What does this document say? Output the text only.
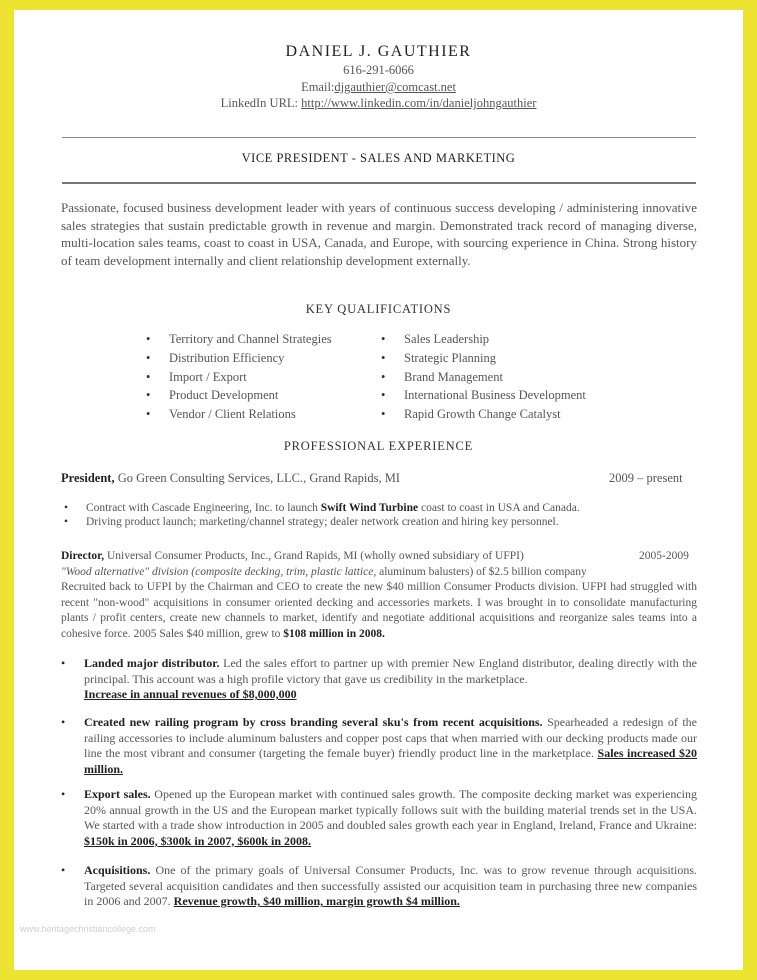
DANIEL J. GAUTHIER
616-291-6066
Email:djgauthier@comcast.net
LinkedIn URL: http://www.linkedin.com/in/danieljohngauthier
VICE PRESIDENT - SALES AND MARKETING
Passionate, focused business development leader with years of continuous success developing / administering innovative sales strategies that sustain predictable growth in revenue and margin. Demonstrated track record of managing diverse, multi-location sales teams, coast to coast in USA, Canada, and Europe, with sourcing experience in China. Strong history of team development internally and client relationship development externally.
KEY QUALIFICATIONS
• Territory and Channel Strategies
• Distribution Efficiency
• Import / Export
• Product Development
• Vendor / Client Relations
• Sales Leadership
• Strategic Planning
• Brand Management
• International Business Development
• Rapid Growth Change Catalyst
PROFESSIONAL EXPERIENCE
President, Go Green Consulting Services, LLC., Grand Rapids, MI	2009 – present
• Contract with Cascade Engineering, Inc. to launch Swift Wind Turbine coast to coast in USA and Canada.
• Driving product launch; marketing/channel strategy; dealer network creation and hiring key personnel.
Director, Universal Consumer Products, Inc., Grand Rapids, MI (wholly owned subsidiary of UFPI)	2005-2009
"Wood alternative" division (composite decking, trim, plastic lattice, aluminum balusters) of $2.5 billion company
Recruited back to UFPI by the Chairman and CEO to create the new $40 million Consumer Products division. UFPI had struggled with recent "non-wood" acquisitions in consumer oriented decking and accessories markets. I was brought in to consolidate manufacturing plants / profit centers, create new channels to market, identify and negotiate additional acquisitions and reorganize sales teams into a cohesive force. 2005 Sales $40 million, grew to $108 million in 2008.
• Landed major distributor. Led the sales effort to partner up with premier New England distributor, dealing directly with the principal. This account was a high profile victory that gave us credibility in the marketplace.
Increase in annual revenues of $8,000,000
• Created new railing program by cross branding several sku's from recent acquisitions. Spearheaded a redesign of the railing accessories to include aluminum balusters and copper post caps that when married with our decking products made our line the most vibrant and consumer (targeting the female buyer) friendly product line in the marketplace. Sales increased $20 million.
• Export sales. Opened up the European market with continued sales growth. The composite decking market was experiencing 20% annual growth in the US and the European market typically follows suit with the building material trends set in the USA. We started with a trade show introduction in 2005 and doubled sales growth each year in England, Ireland, France and Ukraine: $150k in 2006, $300k in 2007, $600k in 2008.
• Acquisitions. One of the primary goals of Universal Consumer Products, Inc. was to grow revenue through acquisitions. Targeted several acquisition candidates and then successfully assisted our acquisition team in purchasing three new companies in 2006 and 2007. Revenue growth, $40 million, margin growth $4 million.
www.heritagechristiancollege.com
